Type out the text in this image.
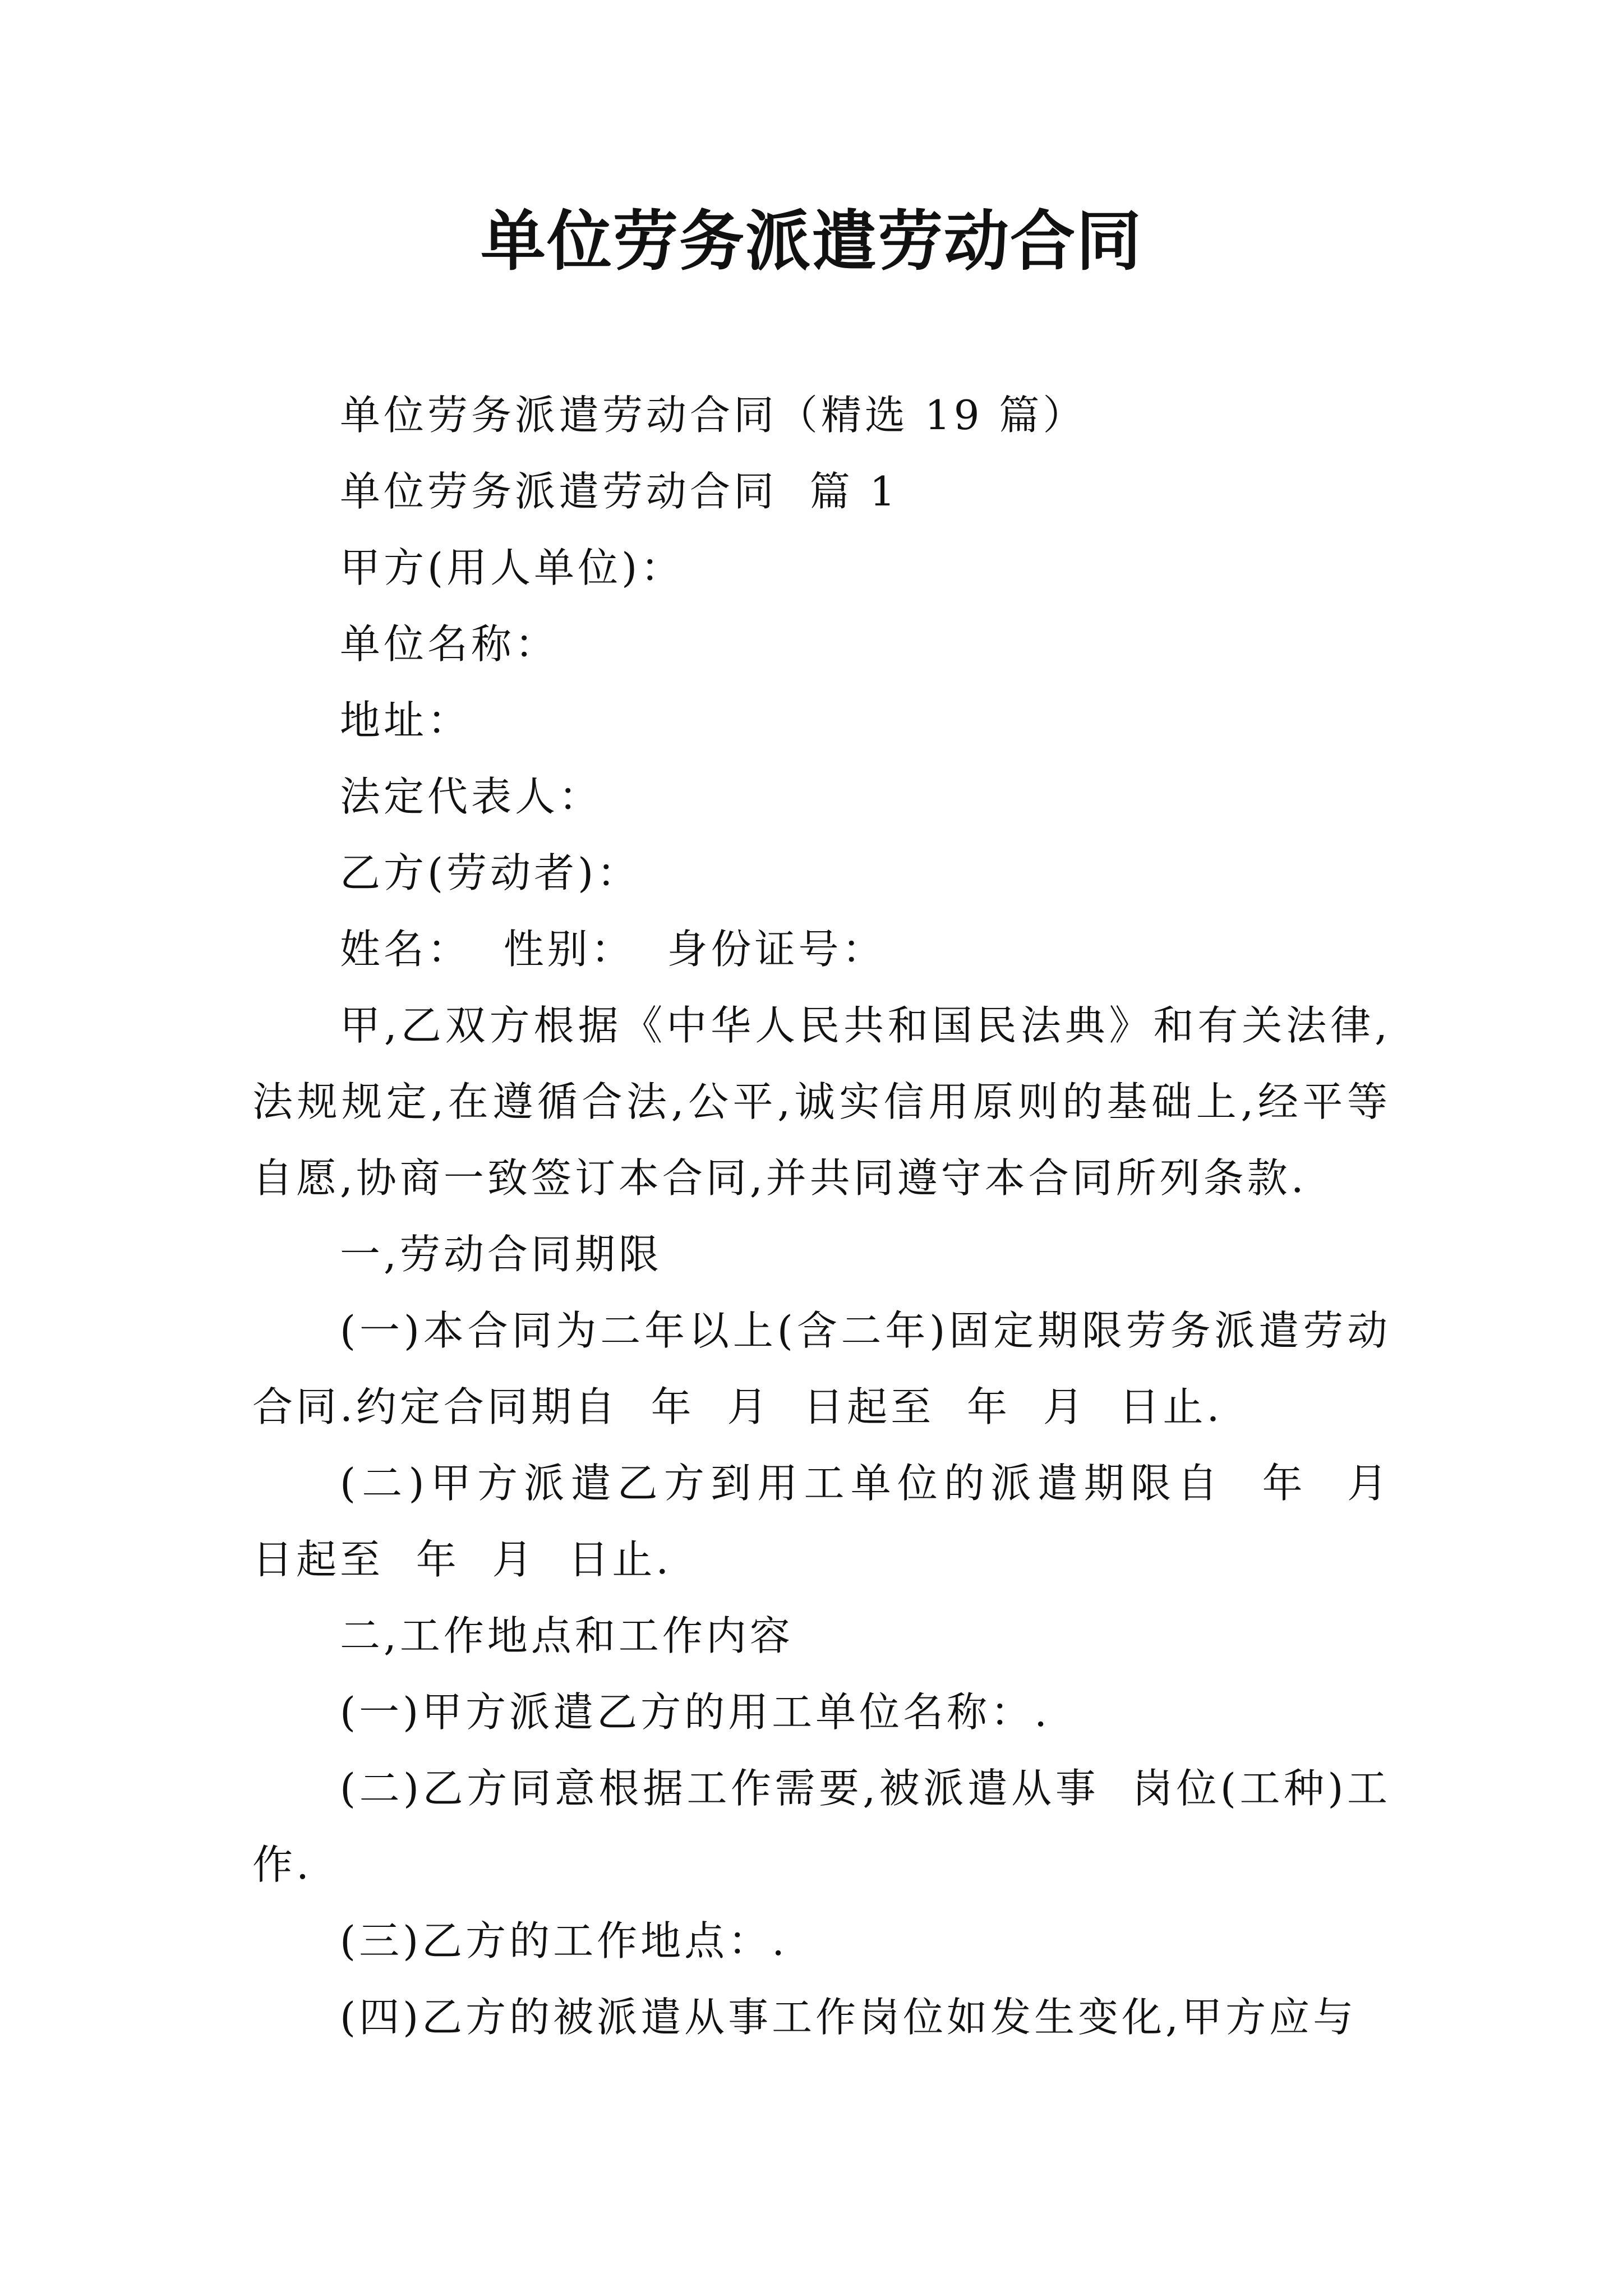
单位劳务派遣劳动合同

单位劳务派遣劳动合同（精选 19 篇）

单位劳务派遣劳动合同  篇 1

甲方(用人单位)：

单位名称：

地址：

法定代表人：

乙方(劳动者)：

姓名：  性别：  身份证号：

甲,乙双方根据《中华人民共和国民法典》和有关法律,法规规定,在遵循合法,公平,诚实信用原则的基础上,经平等自愿,协商一致签订本合同,并共同遵守本合同所列条款.

一,劳动合同期限

(一)本合同为二年以上(含二年)固定期限劳务派遣劳动合同.约定合同期自  年  月  日起至  年  月  日止.

(二)甲方派遣乙方到用工单位的派遣期限自  年  月  日起至  年  月  日止.

二,工作地点和工作内容

(一)甲方派遣乙方的用工单位名称：.

(二)乙方同意根据工作需要,被派遣从事  岗位(工种)工作.

(三)乙方的工作地点：.

(四)乙方的被派遣从事工作岗位如发生变化,甲方应与
